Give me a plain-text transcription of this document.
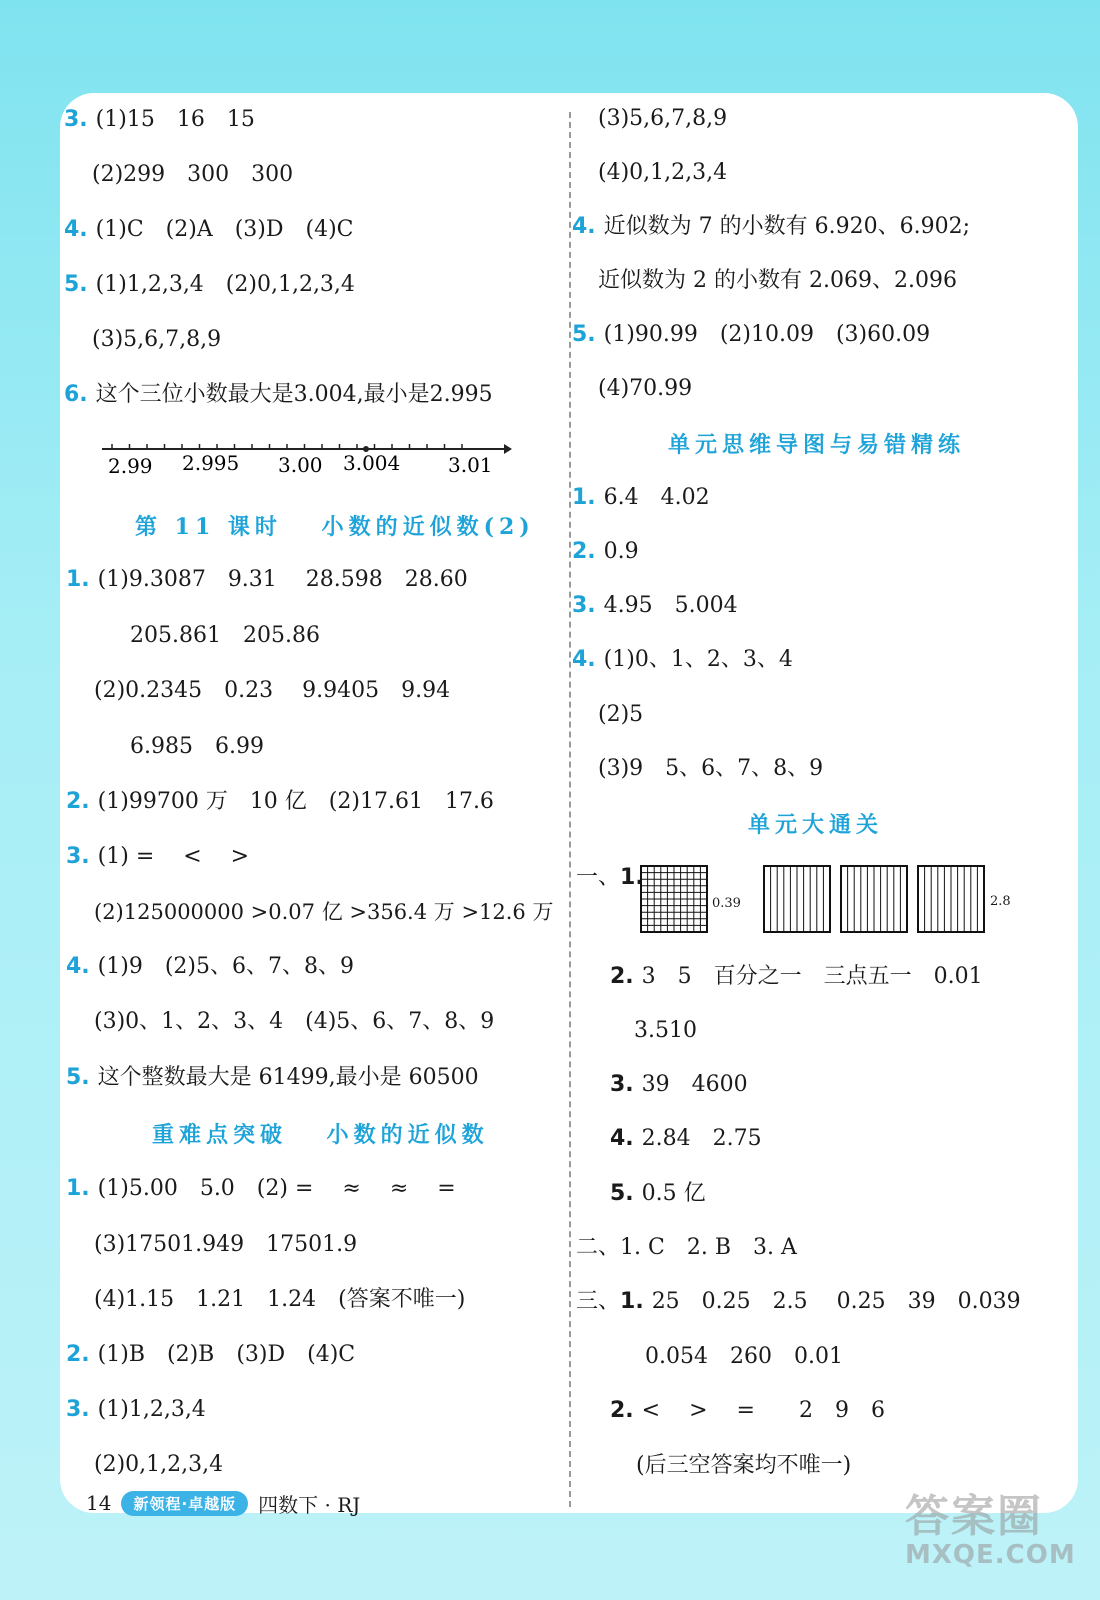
3. (1)15　16　15
(2)299　300　300
4. (1)C　(2)A　(3)D　(4)C
5. (1)1,2,3,4　(2)0,1,2,3,4
(3)5,6,7,8,9
6. 这个三位小数最大是3.004,最小是2.995
2.99 2.995 3.00 3.004 3.01
第 11 课时　 小数的近似数(2)
1. (1)9.3087　9.31　 28.598　28.60
205.861　205.86
(2)0.2345　0.23　 9.9405　9.94
6.985　6.99
2. (1)99700 万　10 亿　(2)17.61　17.6
3. (1) =　 <　 >
(2)125000000 >0.07 亿 >356.4 万 >12.6 万
4. (1)9　(2)5、6、7、8、9
(3)0、1、2、3、4　(4)5、6、7、8、9
5. 这个整数最大是 61499,最小是 60500
重难点突破　 小数的近似数
1. (1)5.00　5.0　(2) =　 ≈　 ≈　 =
(3)17501.949　17501.9
(4)1.15　1.21　1.24　(答案不唯一)
2. (1)B　(2)B　(3)D　(4)C
3. (1)1,2,3,4
(2)0,1,2,3,4
(3)5,6,7,8,9
(4)0,1,2,3,4
4. 近似数为 7 的小数有 6.920、6.902;
近似数为 2 的小数有 2.069、2.096
5. (1)90.99　(2)10.09　(3)60.09
(4)70.99
单元思维导图与易错精练
1. 6.4　4.02
2. 0.9
3. 4.95　5.004
4. (1)0、1、2、3、4
(2)5
(3)9　5、6、7、8、9
单元大通关
一、 1.
0.39	2.8
2. 3　5　百分之一　三点五一　0.01
3.510
3. 39　4600
4. 2.84　2.75
5. 0.5 亿
二、 1. C　2. B　3. A
三、 1. 25　0.25　2.5　 0.25　39　0.039
0.054　260　0.01
2. <　 >　 =　　2　9　6
(后三空答案均不唯一)
14	新领程·卓越版	四数下 · RJ	答案圈
MXQE.COM
